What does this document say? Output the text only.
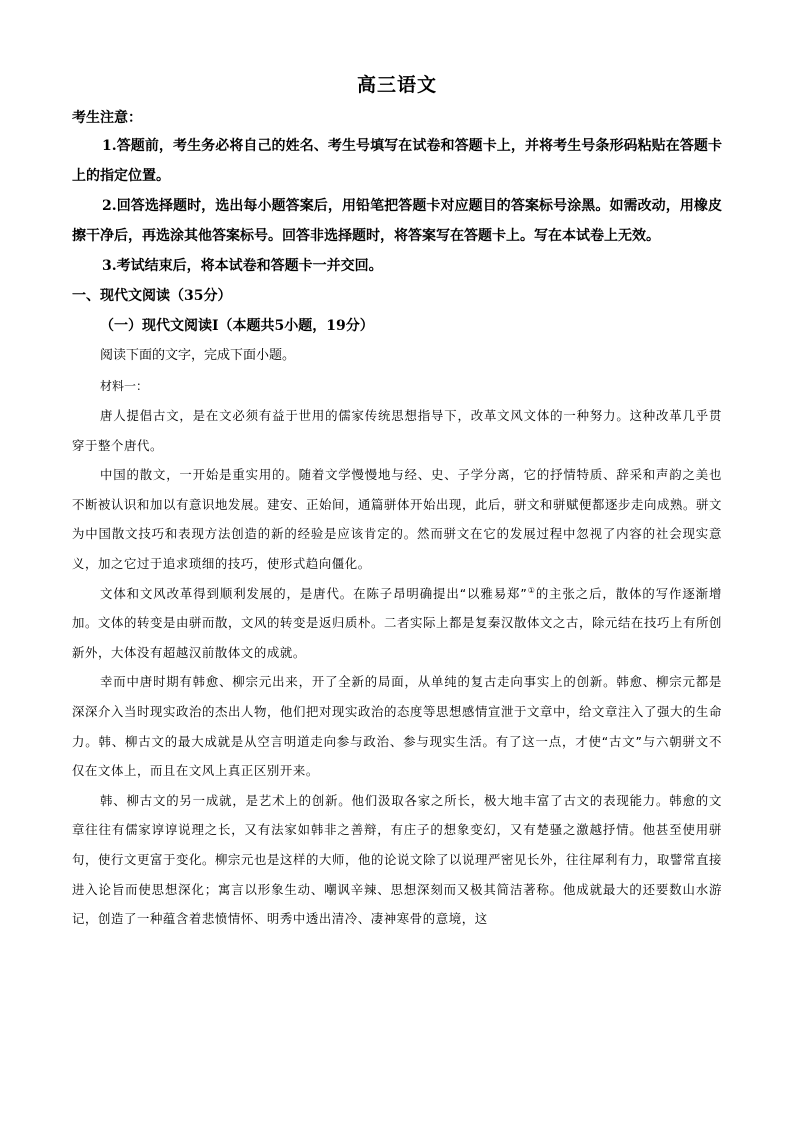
高三语文

考生注意：

1.答题前，考生务必将自己的姓名、考生号填写在试卷和答题卡上，并将考生号条形码粘贴在答题卡上的指定位置。

2.回答选择题时，选出每小题答案后，用铅笔把答题卡对应题目的答案标号涂黑。如需改动，用橡皮擦干净后，再选涂其他答案标号。回答非选择题时，将答案写在答题卡上。写在本试卷上无效。

3.考试结束后，将本试卷和答题卡一并交回。

一、现代文阅读（35分）

（一）现代文阅读Ⅰ（本题共5小题，19分）

阅读下面的文字，完成下面小题。

材料一：

唐人提倡古文，是在文必须有益于世用的儒家传统思想指导下，改革文风文体的一种努力。这种改革几乎贯穿于整个唐代。

中国的散文，一开始是重实用的。随着文学慢慢地与经、史、子学分离，它的抒情特质、辞采和声韵之美也不断被认识和加以有意识地发展。建安、正始间，通篇骈体开始出现，此后，骈文和骈赋便都逐步走向成熟。骈文为中国散文技巧和表现方法创造的新的经验是应该肯定的。然而骈文在它的发展过程中忽视了内容的社会现实意义，加之它过于追求琐细的技巧，使形式趋向僵化。

文体和文风改革得到顺利发展的，是唐代。在陈子昂明确提出“以雅易郑”①的主张之后，散体的写作逐渐增加。文体的转变是由骈而散，文风的转变是返归质朴。二者实际上都是复秦汉散体文之古，除元结在技巧上有所创新外，大体没有超越汉前散体文的成就。

幸而中唐时期有韩愈、柳宗元出来，开了全新的局面，从单纯的复古走向事实上的创新。韩愈、柳宗元都是深深介入当时现实政治的杰出人物，他们把对现实政治的态度等思想感情宣泄于文章中，给文章注入了强大的生命力。韩、柳古文的最大成就是从空言明道走向参与政治、参与现实生活。有了这一点，才使“古文”与六朝骈文不仅在文体上，而且在文风上真正区别开来。

韩、柳古文的另一成就，是艺术上的创新。他们汲取各家之所长，极大地丰富了古文的表现能力。韩愈的文章往往有儒家谆谆说理之长，又有法家如韩非之善辩，有庄子的想象变幻，又有楚骚之激越抒情。他甚至使用骈句，使行文更富于变化。柳宗元也是这样的大师，他的论说文除了以说理严密见长外，往往犀利有力，取譬常直接进入论旨而使思想深化；寓言以形象生动、嘲讽辛辣、思想深刻而又极其简洁著称。他成就最大的还要数山水游记，创造了一种蕴含着悲愤情怀、明秀中透出清冷、凄神寒骨的意境，这
